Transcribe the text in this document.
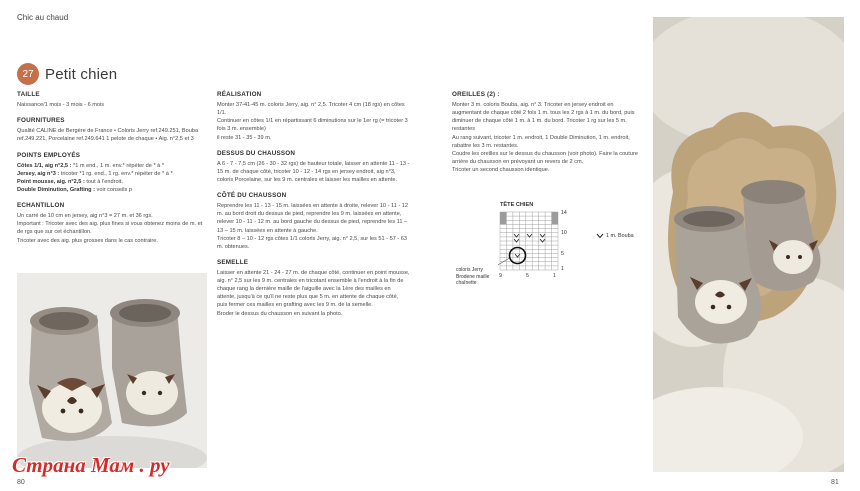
Chic au chaud
27 Petit chien
TAILLE

Naissance/1 mois - 3 mois - 6 mois

FOURNITURES

Qualité CALINE de Bergère de France • Coloris Jerry ref.249.251, Bouba ref.249.221, Porcelaine ref.249.641 1 pelote de chaque • Aig. n°2,5 et 3

POINTS EMPLOYÉS

Côtes 1/1, aig n°2,5 : *1 m end., 1 m. env.* répéter de * à *

Jersey, aig n°3 : tricoter *1 rg. end., 1 rg. env.* répéter de * à *

Point mousse, aig. n°2,5 : tout à l'endroit.

Double Diminution, Grafting : voir conseils p

ECHANTILLON

Un carré de 10 cm en jersey, aig n°3 = 27 m. et 36 rgs.

Important : Tricoter avec des aig. plus fines si vous obtenez moins de m. et de rgs que sur cet échantillon.

Tricoter avec des aig. plus grosses dans le cas contraire.

RÉALISATION

Monter 37-41-45 m. coloris Jerry, aig. n° 2,5. Tricoter 4 cm (18 rgs) en côtes 1/1.

Continuer en côtes 1/1 en répartissant 6 diminutions sur le 1er rg (= tricoter 3 fois 3 m. ensemble)

il reste 31 - 35 - 39 m.

DESSUS DU CHAUSSON

A 6 - 7 - 7,5 cm (26 - 30 - 32 rgs) de hauteur totale, laisser en attente 11 - 13 - 15 m. de chaque côté, tricoter 10 - 12 - 14 rgs en jersey endroit, aig n°3, coloris Porcelaine, sur les 9 m. centrales et laisser les mailles en attente.

CÔTÉ DU CHAUSSON

Reprendre les 11 - 13 - 15 m. laissées en attente à droite, relever 10 - 11 - 12 m. au bord droit du dessus de pied, reprendre les 9 m. laissées en attente, relever 10 - 11 - 12 m. au bord gauche du dessus de pied, reprendre les 11 – 13 – 15 m. laissées en attente à gauche.

Tricoter 8 – 10 - 12 rgs côtes 1/1 coloris Jerry, aig. n° 2,5, sur les 51 - 57 - 63 m. obtenues.

SEMELLE

Laisser en attente 21 - 24 - 27 m. de chaque côté, continuer en point mousse, aig. n° 2,5 sur les 9 m. centrales en tricotant ensemble à l'endroit à la fin de chaque rang la dernière maille de l'aiguille avec la 1ère des mailles en attente, jusqu'à ce qu'il ne reste plus que 5 m. en attente de chaque côté, puis fermer ces mailles en grafting avec les 9 m. de la semelle.

Broder le dessus du chausson en suivant la photo.

OREILLES (2) :

Monter 3 m. coloris Bouba, aig. n° 3. Tricoter en jersey endroit en augmentant de chaque côté 2 fois 1 m. tous les 2 rgs à 1 m. du bord, puis diminuer de chaque côté 1 m. à 1 m. du bord. Tricoter 1 rg sur les 5 m. restantes

Au rang suivant, tricoter 1 m. endroit, 1 Double Diminution, 1 m. endroit, rabattre les 3 m. restantes.

Coudre les oreilles sur le dessus du chausson (voir photo). Faire la couture arrière du chausson en prévoyant un revers de 2 cm.

Tricoter un second chausson identique.

TÊTE CHIEN
14
10
5
1
9	5	1
1 m. Bouba
coloris Jerry
Brodene maille
chaînette
80	81
Страна Мам . ру
